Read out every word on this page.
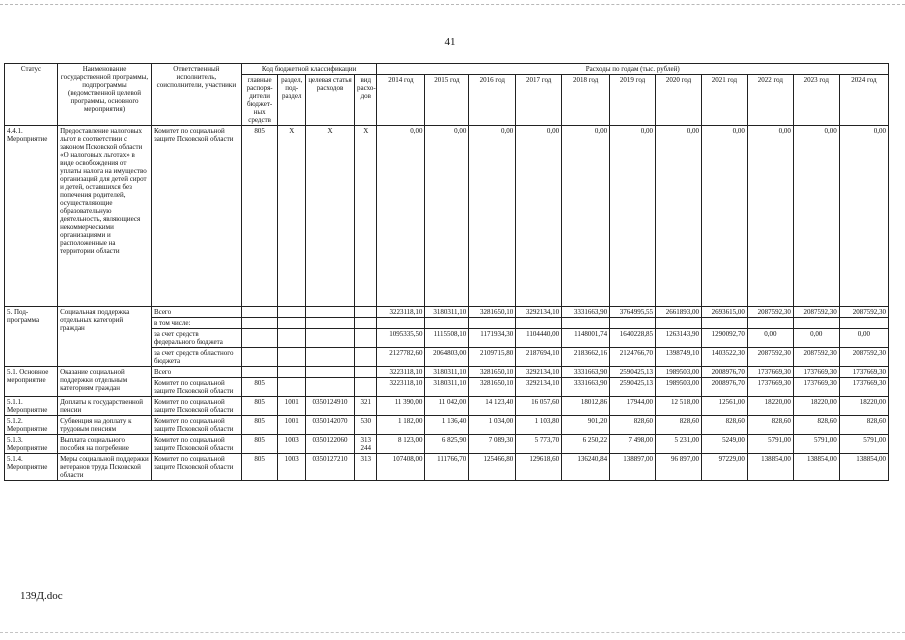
41
Статус	Наименование государственной программы, подпрограммы (ведомственной целевой программы, основного мероприятия)	Ответственный исполнитель, соисполнители, участники	Код бюджетной классификации				Расходы по годам (тыс. рублей)										
			главные распоря-дители бюджет-ных средств	раздел, под-раздел	целевая статья расходов	вид расхо-дов	2014 год	2015 год	2016 год	2017 год	2018 год	2019 год	2020 год	2021 год	2022 год	2023 год	2024 год
4.4.1. Мероприятие	Предоставление налоговых льгот в соответствии с законом Псковской области «О налоговых льготах» в виде освобождения от уплаты налога на имущество организаций для детей сирот и детей, оставшихся без попечения родителей, осуществляющие образовательную деятельность, являющиеся некоммерческими организациями и расположенные на территории области	Комитет по социальной защите Псковской области	805	X	X	X	0,00	0,00	0,00	0,00	0,00	0,00	0,00	0,00	0,00	0,00	0,00
5. Под-программа	Социальная поддержка отдельных категорий граждан	Всего					3223118,10	3180311,10	3281650,10	3292134,10	3331663,90	3764995,55	2661893,00	2693615,00	2087592,30	2087592,30	2087592,30
		в том числе:															
		за счет средств федерального бюджета					1095335,50	1115508,10	1171934,30	1104440,00	1148001,74	1640228,85	1263143,90	1290092,70	0,00	0,00	0,00
		за счет средств областного бюджета					2127782,60	2064803,00	2109715,80	2187694,10	2183662,16	2124766,70	1398749,10	1403522,30	2087592,30	2087592,30	2087592,30
5.1. Основное мероприятие	Оказание социальной поддержки отдельным категориям граждан	Всего					3223118,10	3180311,10	3281650,10	3292134,10	3331663,90	2590425,13	1989503,00	2008976,70	1737669,30	1737669,30	1737669,30
		Комитет по социальной защите Псковской области	805				3223118,10	3180311,10	3281650,10	3292134,10	3331663,90	2590425,13	1989503,00	2008976,70	1737669,30	1737669,30	1737669,30
5.1.1. Мероприятие	Доплаты к государственной пенсии	Комитет по социальной защите Псковской области	805	1001	0350124910	321	11 390,00	11 042,00	14 123,40	16 057,60	18012,86	17944,00	12 518,00	12561,00	18220,00	18220,00	18220,00
5.1.2. Мероприятие	Субвенция на доплату к трудовым пенсиям	Комитет по социальной защите Псковской области	805	1001	0350142070	530	1 182,00	1 136,40	1 034,00	1 103,80	901,20	828,60	828,60	828,60	828,60	828,60	828,60
5.1.3. Мероприятие	Выплата социального пособия на погребение	Комитет по социальной защите Псковской области	805	1003	0350122060	313 244	8 123,00	6 825,90	7 089,30	5 773,70	6 250,22	7 498,00	5 231,00	5249,00	5791,00	5791,00	5791,00
5.1.4. Мероприятие	Меры социальной поддержки ветеранов труда Псковской области	Комитет по социальной защите Псковской области	805	1003	0350127210	313	107408,00	111766,70	125466,80	129618,60	136240,84	138897,00	96 897,00	97229,00	138854,00	138854,00	138854,00
139Д.doc
